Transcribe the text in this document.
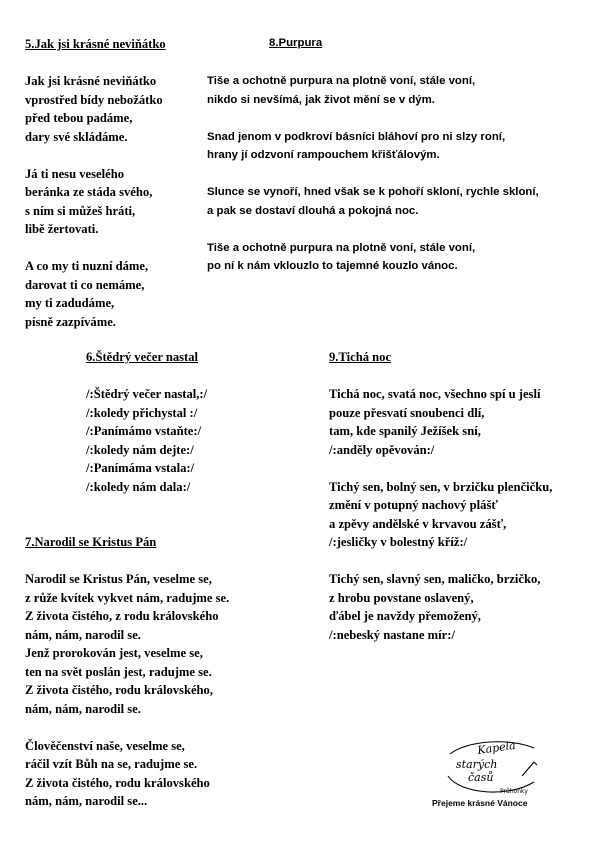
5.Jak jsi krásné neviňátko
Jak jsi krásné neviňátko
vprostřed bídy nebožátko
před tebou padáme,
dary své skládáme.
Já ti nesu veselého
beránka ze stáda svého,
s ním si můžeš hráti,
libě žertovati.
A co my ti nuzní dáme,
darovat ti co nemáme,
my ti zadudáme,
písně zazpíváme.
8.Purpura
Tiše a ochotně purpura na plotně voní, stále voní,
nikdo si nevšímá, jak život mění se v dým.
Snad jenom v podkroví básníci bláhoví pro ni slzy roní,
hrany jí odzvoní rampouchem křišťálovým.
Slunce se vynoří, hned však se k pohoří skloní, rychle skloní,
a pak se dostaví dlouhá a pokojná noc.
Tiše a ochotně purpura na plotně voní, stále voní,
po ní k nám vklouzlo to tajemné kouzlo vánoc.
6.Štědrý večer nastal
/:Štědrý večer nastal,:/
/:koledy přichystal :/
/:Panímámo vstaňte:/
/:koledy nám dejte:/
/:Panímáma vstala:/
/:koledy nám dala:/
9.Tichá noc
Tichá noc, svatá noc, všechno spí u jeslí
pouze přesvatí snoubenci dlí,
tam, kde spanilý Ježíšek sní,
/:anděly opěvován:/
Tichý sen, bolný sen, v brzičku plenčičku,
změní v potupný nachový plášť
a zpěvy andělské v krvavou zášť,
/:jesličky v bolestný kříž:/
Tichý sen, slavný sen, maličko, brzičko,
z hrobu povstane oslavený,
ďábel je navždy přemožený,
/:nebeský nastane mír:/
7.Narodil se Kristus Pán
Narodil se Kristus Pán, veselme se,
z růže kvítek vykvet nám, radujme se.
Z života čistého, z rodu královského
nám, nám, narodil se.
Jenž prorokován jest, veselme se,
ten na svět poslán jest, radujme se.
Z života čistého, rodu královského,
nám, nám, narodil se.
Člověčenství naše, veselme se,
ráčil vzít Bůh na se, radujme se.
Z života čistého, rodu královského
nám, nám, narodil se...
Kapela
starých
časů
Průhonky
Přejeme krásné Vánoce
